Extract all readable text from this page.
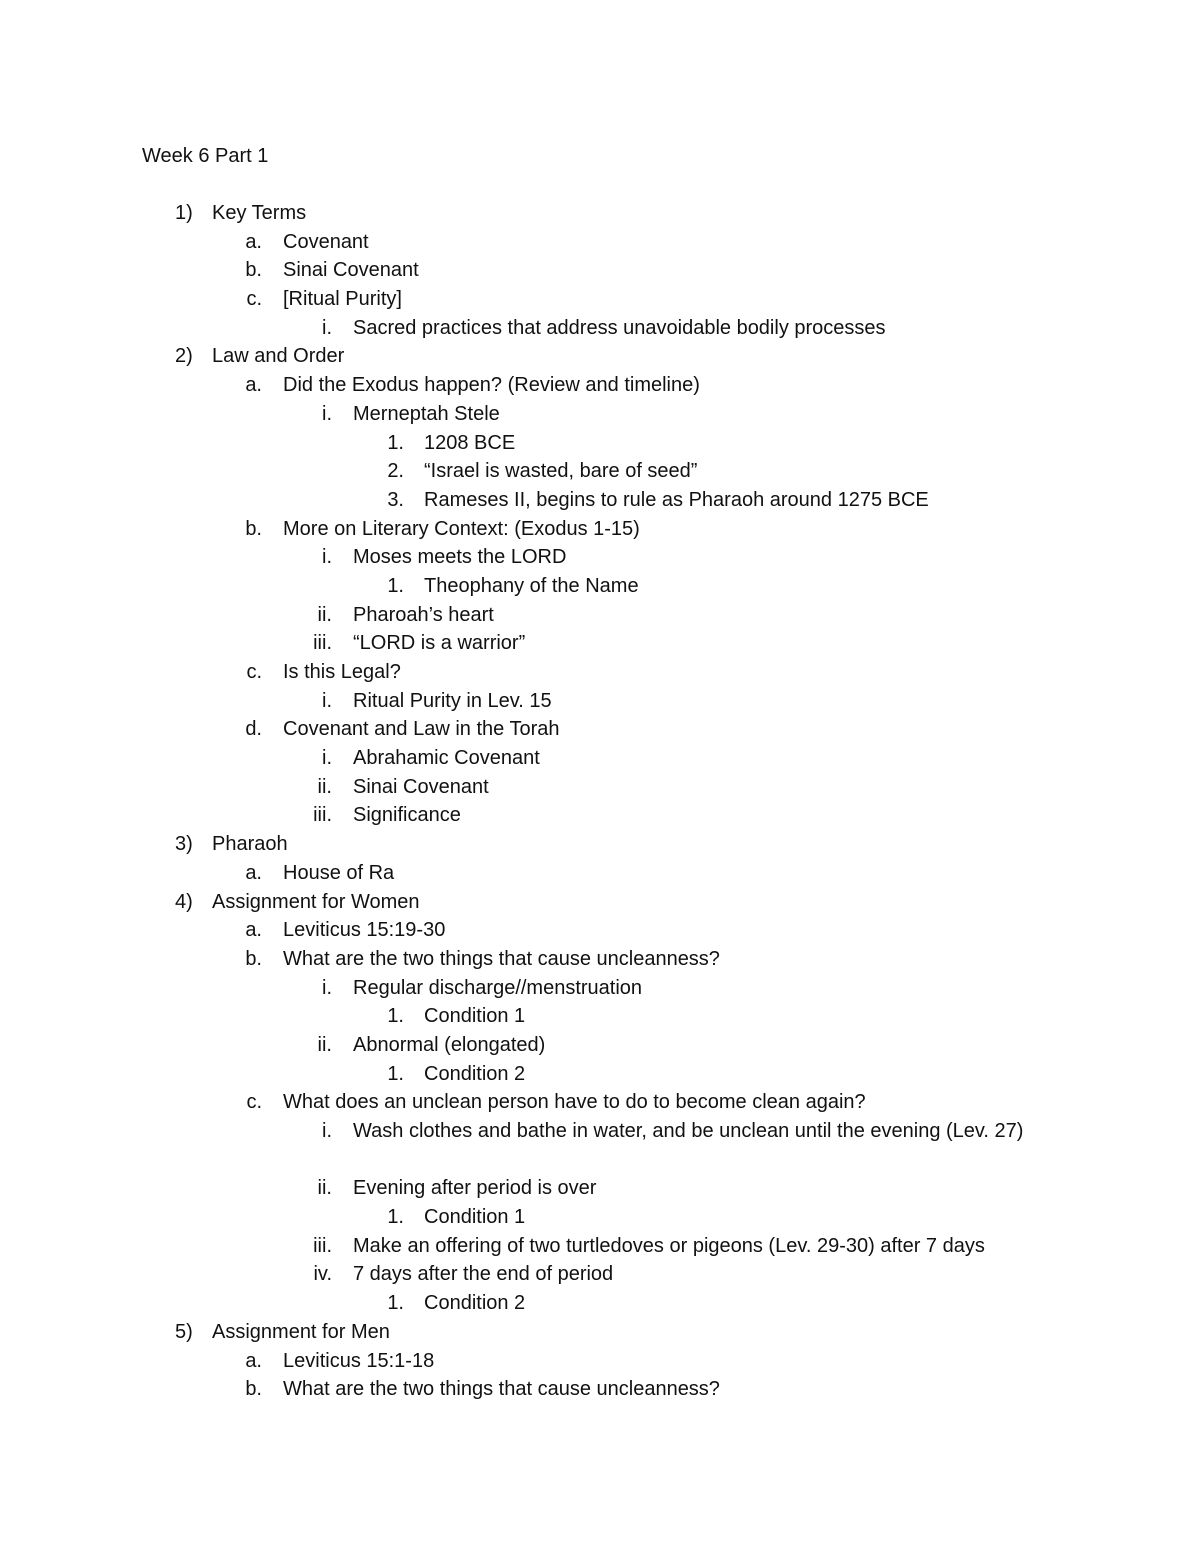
Week 6 Part 1
1) Key Terms
a. Covenant
b. Sinai Covenant
c. [Ritual Purity]
i. Sacred practices that address unavoidable bodily processes
2) Law and Order
a. Did the Exodus happen? (Review and timeline)
i. Merneptah Stele
1. 1208 BCE
2. “Israel is wasted, bare of seed”
3. Rameses II, begins to rule as Pharaoh around 1275 BCE
b. More on Literary Context: (Exodus 1-15)
i. Moses meets the LORD
1. Theophany of the Name
ii. Pharoah’s heart
iii. “LORD is a warrior”
c. Is this Legal?
i. Ritual Purity in Lev. 15
d. Covenant and Law in the Torah
i. Abrahamic Covenant
ii. Sinai Covenant
iii. Significance
3) Pharaoh
a. House of Ra
4) Assignment for Women
a. Leviticus 15:19-30
b. What are the two things that cause uncleanness?
i. Regular discharge//menstruation
1. Condition 1
ii. Abnormal (elongated)
1. Condition 2
c. What does an unclean person have to do to become clean again?
i. Wash clothes and bathe in water, and be unclean until the evening (Lev. 27)
ii. Evening after period is over
1. Condition 1
iii. Make an offering of two turtledoves or pigeons (Lev. 29-30) after 7 days
iv. 7 days after the end of period
1. Condition 2
5) Assignment for Men
a. Leviticus 15:1-18
b. What are the two things that cause uncleanness?
